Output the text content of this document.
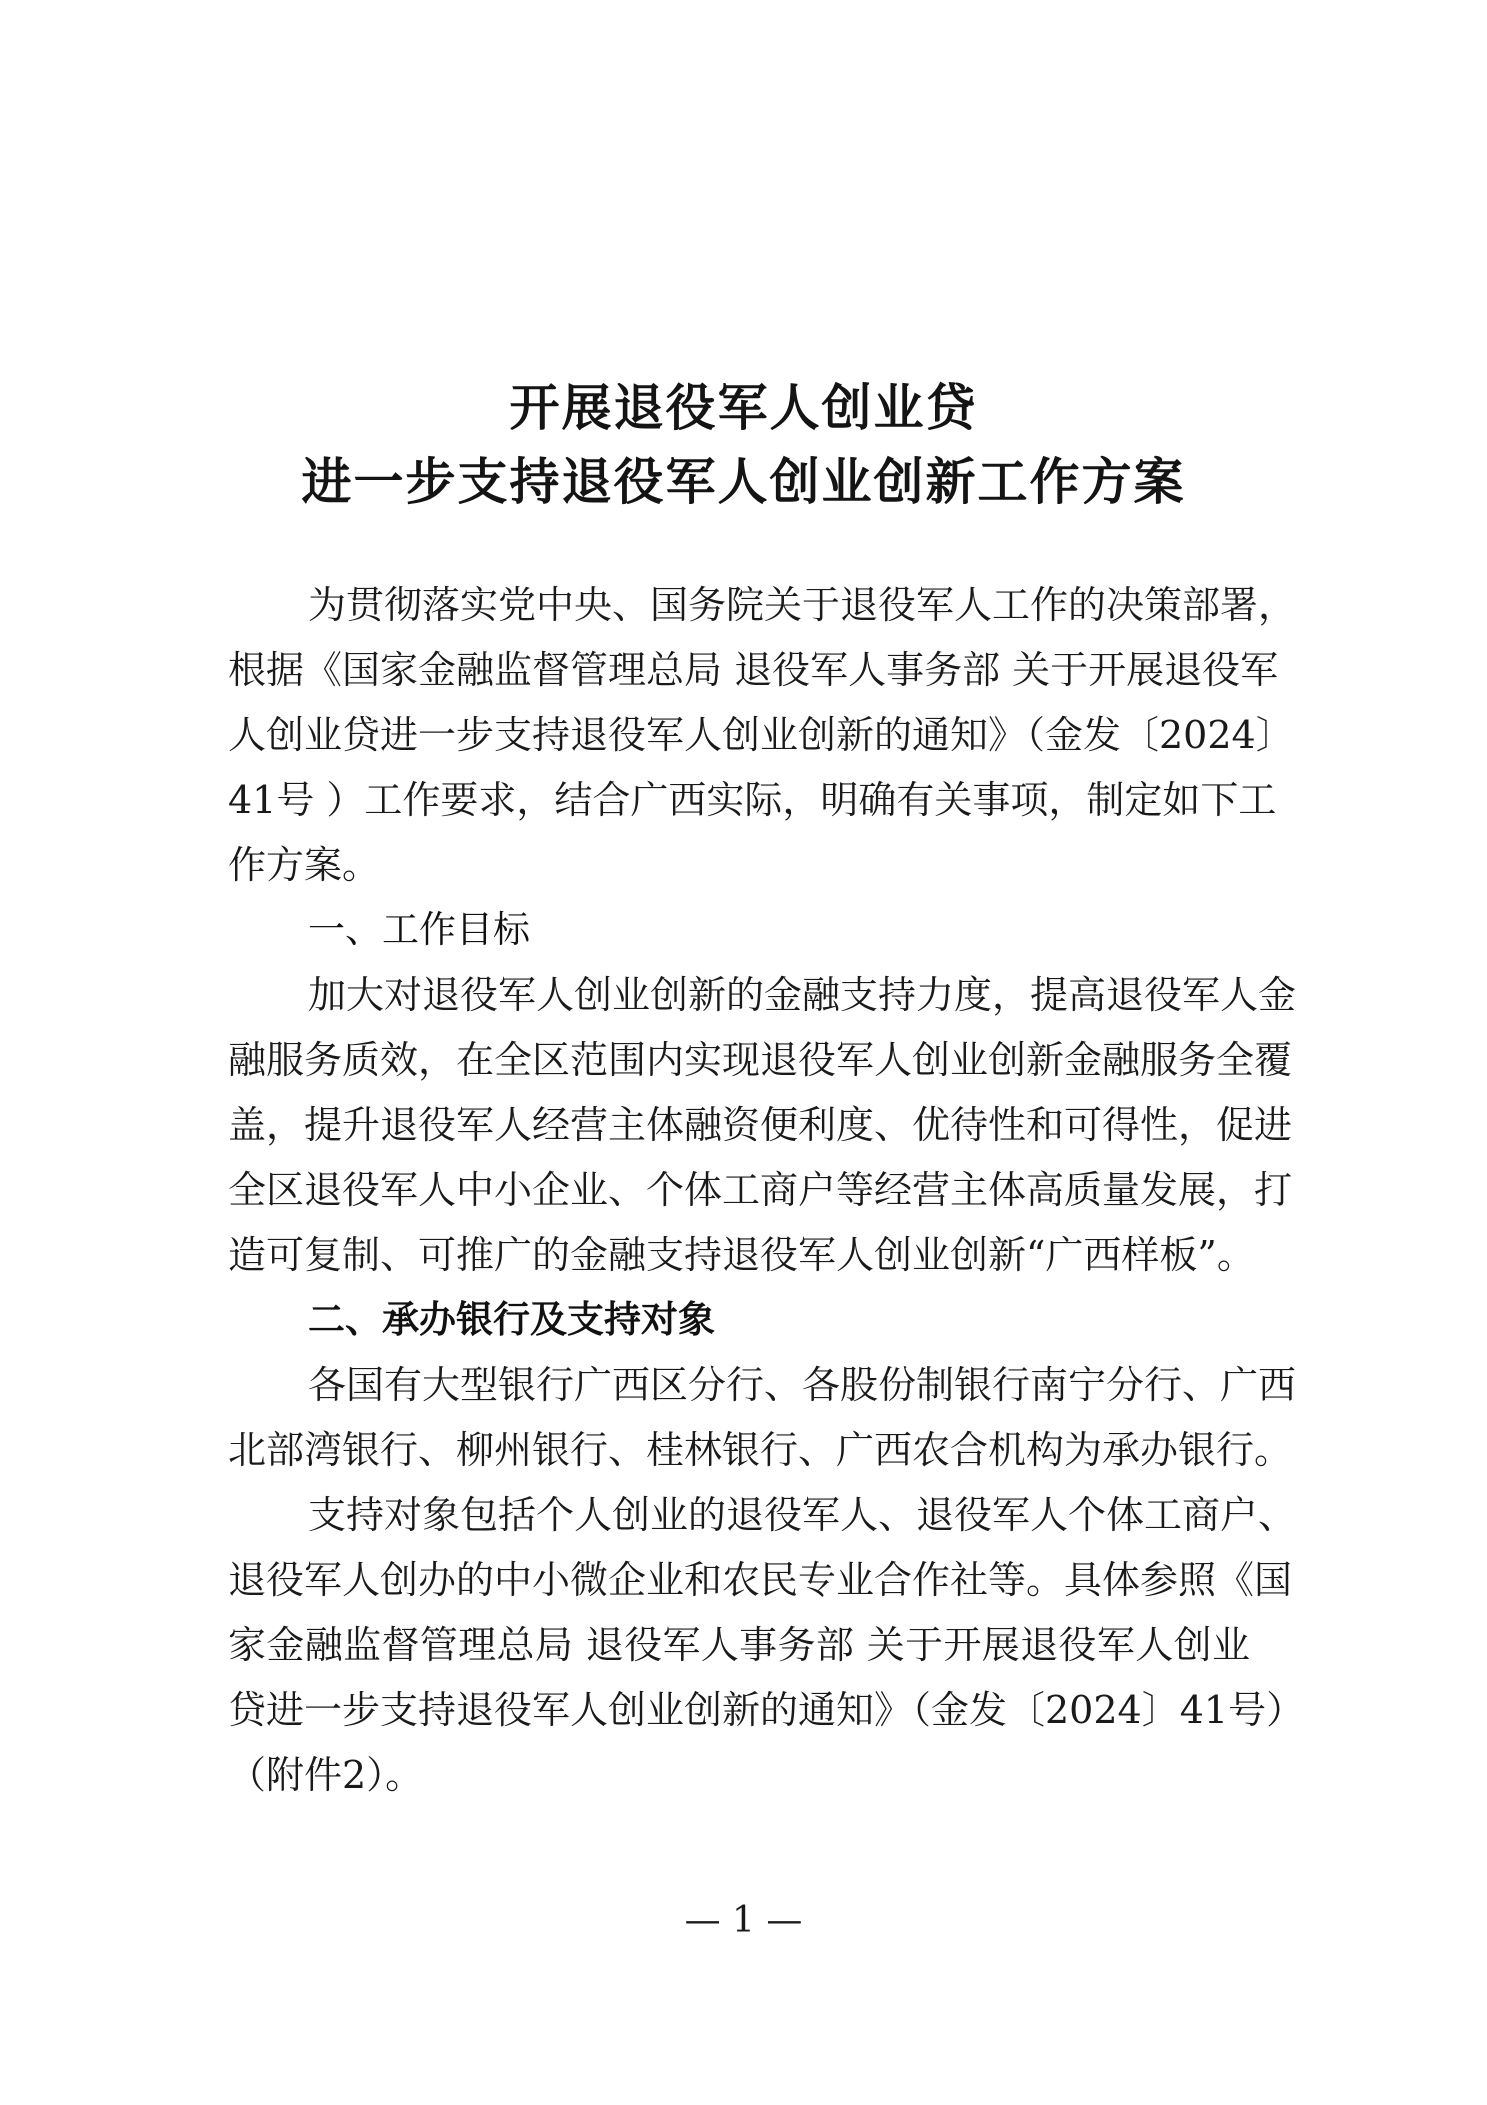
开展退役军人创业贷
进一步支持退役军人创业创新工作方案
为贯彻落实党中央、国务院关于退役军人工作的决策部署，
根据《国家金融监督管理总局 退役军人事务部 关于开展退役军
人创业贷进一步支持退役军人创业创新的通知》（金发〔2024〕
41号 ）工作要求，结合广西实际，明确有关事项，制定如下工
作方案。
一、工作目标
加大对退役军人创业创新的金融支持力度，提高退役军人金
融服务质效，在全区范围内实现退役军人创业创新金融服务全覆
盖，提升退役军人经营主体融资便利度、优待性和可得性，促进
全区退役军人中小企业、个体工商户等经营主体高质量发展，打
造可复制、可推广的金融支持退役军人创业创新“广西样板”。
二、承办银行及支持对象
各国有大型银行广西区分行、各股份制银行南宁分行、广西
北部湾银行、柳州银行、桂林银行、广西农合机构为承办银行。
支持对象包括个人创业的退役军人、退役军人个体工商户、
退役军人创办的中小微企业和农民专业合作社等。具体参照《国
家金融监督管理总局 退役军人事务部 关于开展退役军人创业
贷进一步支持退役军人创业创新的通知》（金发〔2024〕41号）
（附件2）。
— 1 —
